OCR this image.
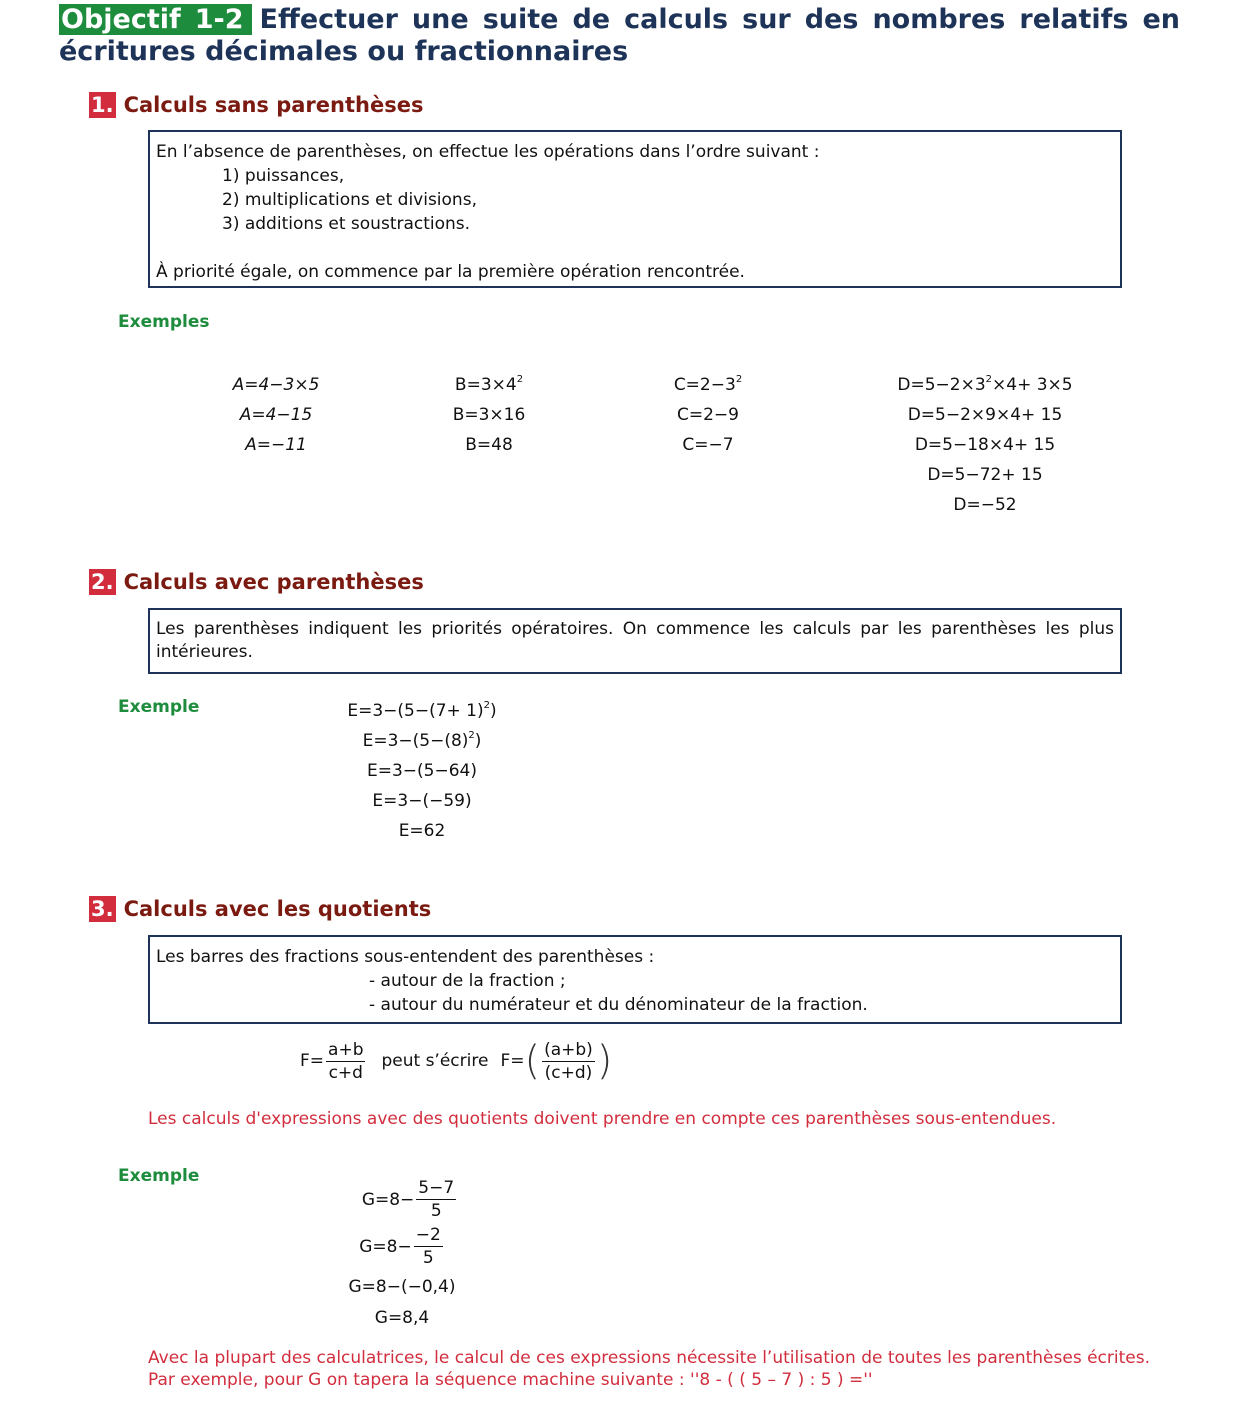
Objectif 1-2 Effectuer une suite de calculs sur des nombres relatifs en écritures décimales ou fractionnaires
1. Calculs sans parenthèses
En l’absence de parenthèses, on effectue les opérations dans l’ordre suivant :
1) puissances,
2) multiplications et divisions,
3) additions et soustractions.
À priorité égale, on commence par la première opération rencontrée.
Exemples
A=4−3×5
A=4−15
A=−11
$B=3\times 4^2$
B=3×16
B=48
$C=2-3^2$
C=2−9
C=−7
$D=5-2\times 3^2\times 4+ 3\times 5$
D=5−2×9×4+ 15
D=5−18×4+ 15
D=5−72+ 15
D=−52
2. Calculs avec parenthèses
Les parenthèses indiquent les priorités opératoires. On commence les calculs par les parenthèses les plus intérieures.
Exemple	$E=3-(5-(7+ 1)^2)$
$E=3-(5-(8)^2)$
E=3−(5−64)
E=3−(−59)
E=62
3. Calculs avec les quotients
Les barres des fractions sous-entendent des parenthèses :
- autour de la fraction ;
- autour du numérateur et du dénominateur de la fraction.
$F= \frac{a+b}{c+d}$ peut s’écrire F= ( $\frac{(a+b)}{(c+d)}$ )
Les calculs d'expressions avec des quotients doivent prendre en compte ces parenthèses sous-entendues.
Exemple
$G=8- \frac{5-7}{5}$
$G=8- \frac{-2}{5}$
G=8−(−0,4)
G=8,4
Avec la plupart des calculatrices, le calcul de ces expressions nécessite l’utilisation de toutes les parenthèses écrites. Par exemple, pour G on tapera la séquence machine suivante : ''8 - ( ( 5 – 7 ) : 5 ) =''
